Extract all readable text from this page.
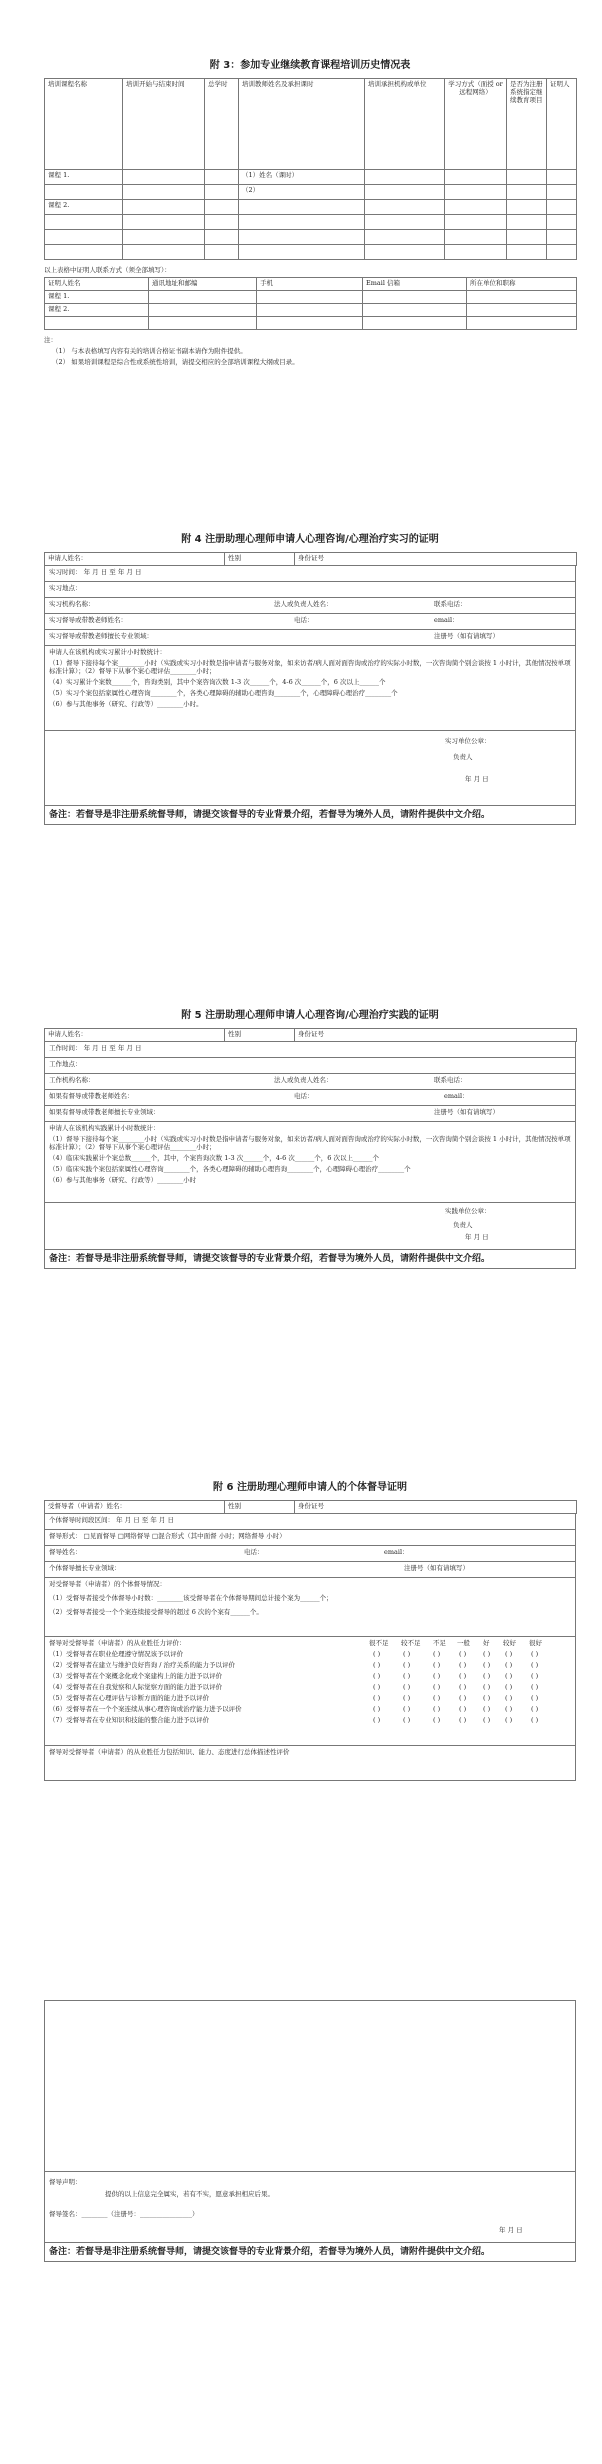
附 3：参加专业继续教育课程培训历史情况表
培训课程名称	培训开始与结束时间	总学时	培训教师姓名及承担课时	培训承担机构或单位	学习方式（面授 or 远程网络）	是否为注册系统指定继续教育项目	证明人
课程 1.			（1）姓名（课时）				
			（2）				
课程 2.							

以上表格中证明人联系方式（须全部填写）：
证明人姓名	通讯地址和邮编	手机	Email 信箱	所在单位和职称
课程 1.				
课程 2.				

注：
（1） 与本表格填写内容有关的培训合格证书副本请作为附件提供。
（2） 如果培训课程是综合性或系统性培训，请提交相应的全部培训课程大纲或目录。
附 4 注册助理心理师申请人心理咨询/心理治疗实习的证明
申请人姓名：	性别	身份证号
实习时间： 年 月 日 至 年 月 日
实习地点：
实习机构名称：	法人或负责人姓名：	联系电话：
实习督导或带教老师姓名：	电话：	email：
实习督导或带教老师擅长专业领域：	注册号（如有请填写）
申请人在该机构或实习累计小时数统计：
（1）督导下接待每个案________小时（实践或实习小时数是指申请者与服务对象，如来访者/病人面对面咨询或治疗的实际小时数，一次咨询简个别会谈按 1 小时计，其他情况按单项标准计算）；（2）督导下从事个案心理评估________小时；
（4）实习累计个案数______个，咨询类别，其中个案咨询次数 1-3 次______个，4-6 次______个，6 次以上______个
（5）实习个案包括家属性心理咨询________个，各类心理障碍的辅助心理咨询________个，心理障碍心理治疗________个
（6）参与其他事务（研究、行政等）________小时。
实习单位公章：
负责人
年 月 日
备注：若督导是非注册系统督导师，请提交该督导的专业背景介绍，若督导为境外人员，请附件提供中文介绍。
附 5 注册助理心理师申请人心理咨询/心理治疗实践的证明
申请人姓名：	性别	身份证号
工作时间： 年 月 日 至 年 月 日
工作地点：
工作机构名称：	法人或负责人姓名：	联系电话：
如果有督导或带教老师姓名：	电话：	email：
如果有督导或带教老师擅长专业领域：	注册号（如有请填写）
申请人在该机构实践累计小时数统计：
（1）督导下接待每个案________小时（实践或实习小时数是指申请者与服务对象，如来访者/病人面对面咨询或治疗的实际小时数，一次咨询简个别会谈按 1 小时计，其他情况按单项标准计算）；（2）督导下从事个案心理评估________小时；
（4）临床实践累计个案总数______个，其中，个案咨询次数 1-3 次______个，4-6 次______个，6 次以上______个
（5）临床实践个案包括家属性心理咨询________个，各类心理障碍的辅助心理咨询________个，心理障碍心理治疗________个
（6）参与其他事务（研究、行政等）________小时
实践单位公章：
负责人
年 月 日
备注：若督导是非注册系统督导师，请提交该督导的专业背景介绍，若督导为境外人员，请附件提供中文介绍。
附 6 注册助理心理师申请人的个体督导证明
受督导者（申请者）姓名：	性别	身份证号
个体督导时间段区间： 年 月 日 至 年 月 日
督导形式： □见面督导 □网络督导 □混合形式（其中面督 小时；网络督导 小时）
督导姓名：	电话：	email：
个体督导擅长专业领域：	注册号（如有请填写）
对受督导者（申请者）的个体督导情况：
（1）受督导者接受个体督导小时数：________该受督导者在个体督导期间总计接个案为______个；
（2）受督导者接受一个个案连续接受督导的超过 6 次的个案有______个。
督导对受督导者（申请者）的从业胜任力评价：	很不足 较不足 不足 一般 好 较好 很好
（1）受督导者在职业伦理遵守情况该予以评价	( )	( )	( )	( )	( ) ( )	( )
（2）受督导者在建立与维护良好咨询 / 治疗关系的能力予以评价	( )	( )	( )	( )	( ) ( )	( )
（3）受督导者在个案概念化或个案建构上的能力进予以评价	( )	( )	( )	( )	( ) ( )	( )
（4）受督导者在自我觉察和人际觉察方面的能力进予以评价	( )	( )	( )	( )	( ) ( )	( )
（5）受督导者在心理评估与诊断方面的能力进予以评价	( )	( )	( )	( )	( ) ( )	( )
（6）受督导者在一个个案连续从事心理咨询或治疗能力进予以评价	( )	( )	( )	( )	( ) ( )	( )
（7）受督导者在专业知识和技能的整合能力进予以评价	( )	( )	( )	( )	( ) ( )	( )
督导对受督导者（申请者）的从业胜任力包括知识、能力、态度进行总体描述性评价
督导声明：
提供的以上信息完全属实，若有不实，愿意承担相应后果。
督导签名：________（注册号：________________）
年 月 日
备注：若督导是非注册系统督导师，请提交该督导的专业背景介绍，若督导为境外人员，请附件提供中文介绍。
